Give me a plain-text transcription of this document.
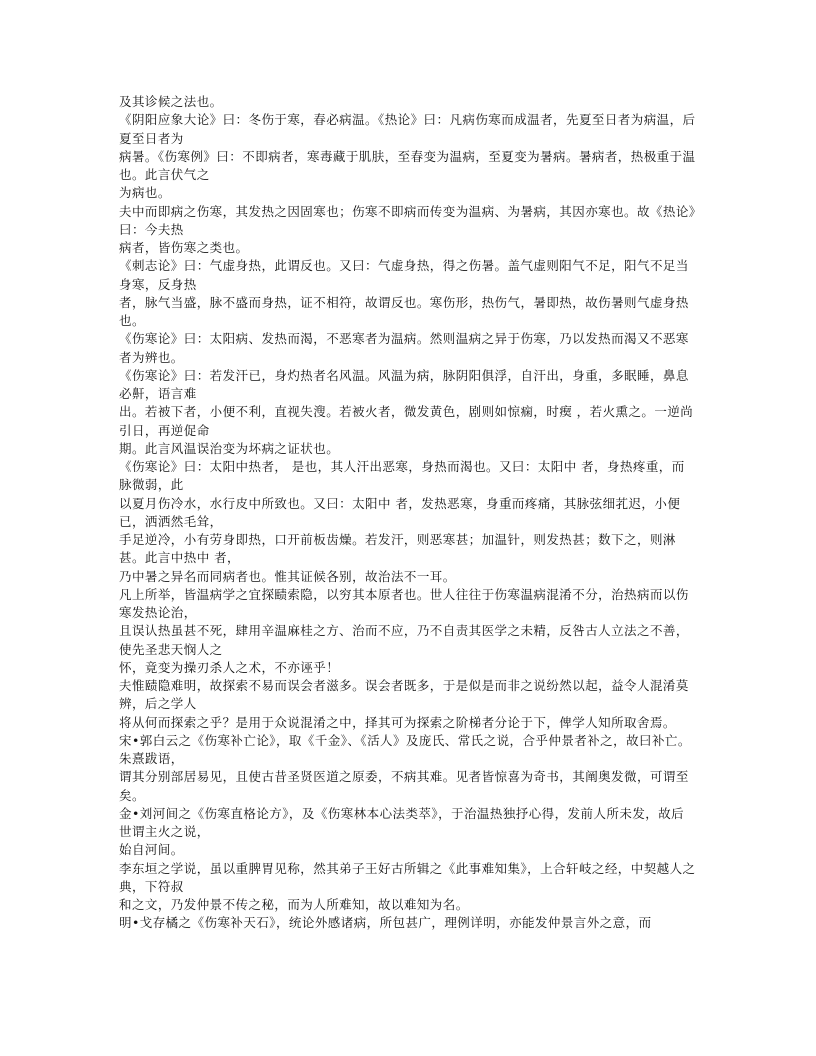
及其诊候之法也。
《阴阳应象大论》曰：冬伤于寒，春必病温。《热论》曰：凡病伤寒而成温者，先夏至日者为病温，后夏至日者为
病暑。《伤寒例》曰：不即病者，寒毒藏于肌肤，至春变为温病，至夏变为暑病。暑病者，热极重于温也。此言伏气之
为病也。
夫中而即病之伤寒，其发热之因固寒也；伤寒不即病而传变为温病、为暑病，其因亦寒也。故《热论》曰：今夫热
病者，皆伤寒之类也。
《刺志论》曰：气虚身热，此谓反也。又曰：气虚身热，得之伤暑。盖气虚则阳气不足，阳气不足当身寒，反身热
者，脉气当盛，脉不盛而身热，证不相符，故谓反也。寒伤形，热伤气，暑即热，故伤暑则气虚身热也。
《伤寒论》曰：太阳病、发热而渴，不恶寒者为温病。然则温病之异于伤寒，乃以发热而渴又不恶寒者为辨也。
《伤寒论》曰：若发汗已，身灼热者名风温。风温为病，脉阴阳俱浮，自汗出，身重，多眠睡，鼻息必鼾，语言难
出。若被下者，小便不利，直视失溲。若被火者，微发黄色，剧则如惊痫，时瘈 ，若火熏之。一逆尚引日，再逆促命
期。此言风温误治变为坏病之证状也。
《伤寒论》曰：太阳中热者， 是也，其人汗出恶寒，身热而渴也。又曰：太阳中 者，身热疼重，而脉微弱，此
以夏月伤冷水，水行皮中所致也。又曰：太阳中 者，发热恶寒，身重而疼痛，其脉弦细芤迟，小便已，洒洒然毛耸，
手足逆冷，小有劳身即热，口开前板齿燥。若发汗，则恶寒甚；加温针，则发热甚；数下之，则淋甚。此言中热中 者，
乃中暑之异名而同病者也。惟其证候各别，故治法不一耳。
凡上所举，皆温病学之宜探赜索隐，以穷其本原者也。世人往往于伤寒温病混淆不分，治热病而以伤寒发热论治，
且误认热虽甚不死，肆用辛温麻桂之方、治而不应，乃不自责其医学之未精，反咎古人立法之不善，使先圣悲天悯人之
怀，竟变为操刃杀人之术，不亦诬乎！
夫惟赜隐难明，故探索不易而误会者滋多。误会者既多，于是似是而非之说纷然以起，益令人混淆莫辨，后之学人
将从何而探索之乎？是用于众说混淆之中，择其可为探索之阶梯者分论于下，俾学人知所取舍焉。
宋•郭白云之《伤寒补亡论》，取《千金》、《活人》及庞氏、常氏之说，合乎仲景者补之，故曰补亡。朱熹跋语，
谓其分别部居易见，且使古昔圣贤医道之原委，不病其难。见者皆惊喜为奇书，其阐奥发微，可谓至矣。
金•刘河间之《伤寒直格论方》，及《伤寒林本心法类萃》，于治温热独抒心得，发前人所未发，故后世谓主火之说，
始自河间。
李东垣之学说，虽以重脾胃见称，然其弟子王好古所辑之《此事难知集》，上合轩岐之经，中契越人之典，下符叔
和之文，乃发仲景不传之秘，而为人所难知，故以难知为名。
明•戈存橘之《伤寒补天石》，统论外感诸病，所包甚广，理例详明，亦能发仲景言外之意，而
